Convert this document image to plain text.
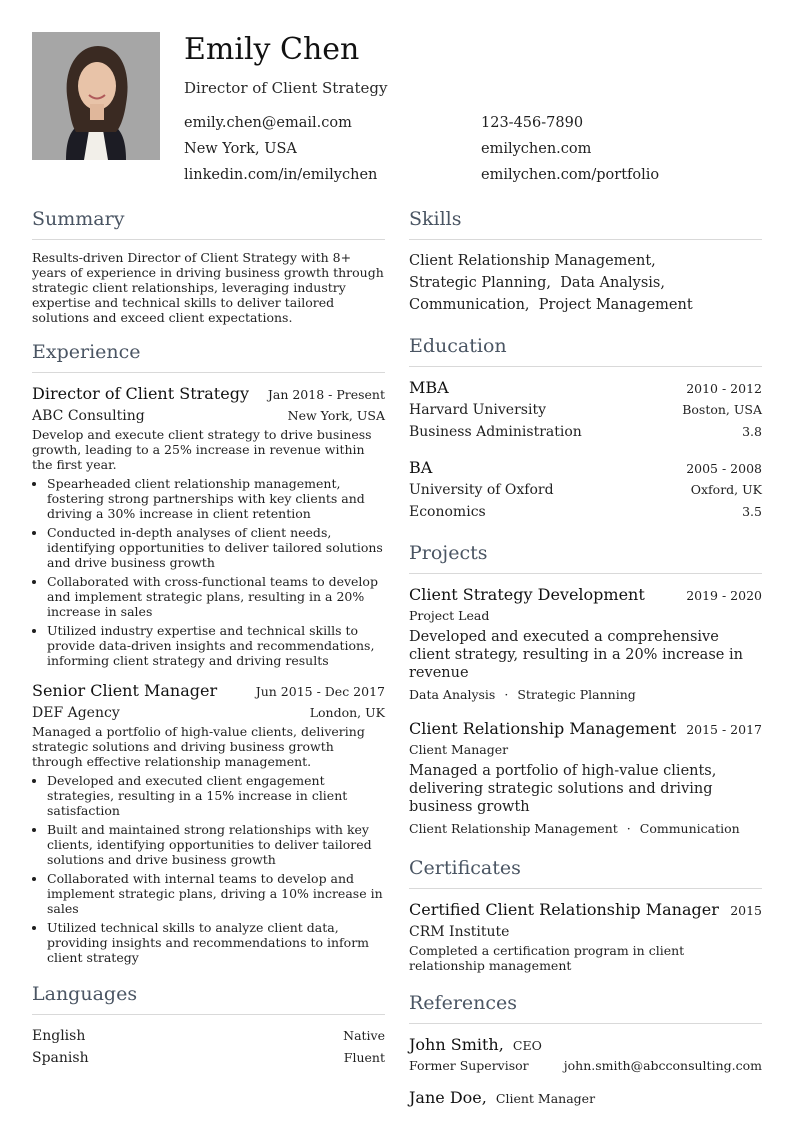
Emily Chen
Director of Client Strategy
emily.chen@email.com	123-456-7890
New York, USA	emilychen.com
linkedin.com/in/emilychen	emilychen.com/portfolio
Summary
Results-driven Director of Client Strategy with 8+ years of experience in driving business growth through strategic client relationships, leveraging industry expertise and technical skills to deliver tailored solutions and exceed client expectations.
Experience
Director of Client Strategy Jan 2018 - Present
ABC Consulting	New York, USA
Develop and execute client strategy to drive business growth, leading to a 25% increase in revenue within the first year.
• Spearheaded client relationship management, fostering strong partnerships with key clients and driving a 30% increase in client retention
• Conducted in-depth analyses of client needs, identifying opportunities to deliver tailored solutions and drive business growth
• Collaborated with cross-functional teams to develop and implement strategic plans, resulting in a 20% increase in sales
• Utilized industry expertise and technical skills to provide data-driven insights and recommendations, informing client strategy and driving results
Senior Client Manager	Jun 2015 - Dec 2017
DEF Agency	London, UK
Managed a portfolio of high-value clients, delivering strategic solutions and driving business growth through effective relationship management.
• Developed and executed client engagement strategies, resulting in a 15% increase in client satisfaction
• Built and maintained strong relationships with key clients, identifying opportunities to deliver tailored solutions and drive business growth
• Collaborated with internal teams to develop and implement strategic plans, driving a 10% increase in sales
• Utilized technical skills to analyze client data, providing insights and recommendations to inform client strategy
Languages
English	Native
Spanish	Fluent
Skills
Client Relationship Management,
Strategic Planning,  Data Analysis,
Communication,  Project Management
Education
MBA	2010 - 2012
Harvard University	Boston, USA
Business Administration	3.8
BA	2005 - 2008
University of Oxford	Oxford, UK
Economics	3.5
Projects
Client Strategy Development	2019 - 2020
Project Lead
Developed and executed a comprehensive client strategy, resulting in a 20% increase in revenue
Data Analysis · Strategic Planning
Client Relationship Management 2015 - 2017
Client Manager
Managed a portfolio of high-value clients, delivering strategic solutions and driving business growth
Client Relationship Management · Communication
Certificates
Certified Client Relationship Manager 2015
CRM Institute
Completed a certification program in client relationship management
References
John Smith, CEO
Former Supervisor	john.smith@abcconsulting.com
Jane Doe, Client Manager
